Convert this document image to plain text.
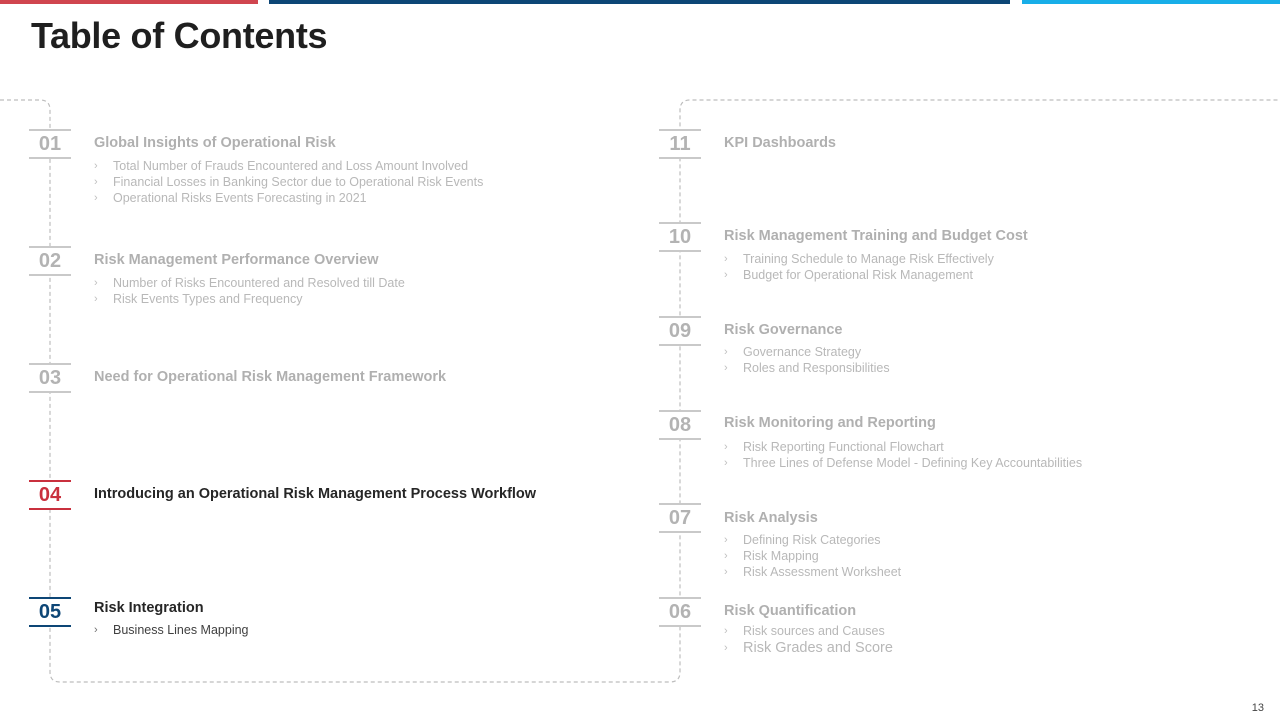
Table of Contents
01	Global Insights of Operational Risk
› Total Number of Frauds Encountered and Loss Amount Involved
› Financial Losses in Banking Sector due to Operational Risk Events
› Operational Risks Events Forecasting in 2021
02	Risk Management Performance Overview
› Number of Risks Encountered and Resolved till Date
› Risk Events Types and Frequency
03	Need for Operational Risk Management Framework
04	Introducing an Operational Risk Management Process Workflow
05	Risk Integration
› Business Lines Mapping
11	KPI Dashboards
10	Risk Management Training and Budget Cost
› Training Schedule to Manage Risk Effectively
› Budget for Operational Risk Management
09	Risk Governance
› Governance Strategy
› Roles and Responsibilities
08	Risk Monitoring and Reporting
› Risk Reporting Functional Flowchart
› Three Lines of Defense Model - Defining Key Accountabilities
07	Risk Analysis
› Defining Risk Categories
› Risk Mapping
› Risk Assessment Worksheet
06	Risk Quantification
› Risk sources and Causes
› Risk Grades and Score
13
